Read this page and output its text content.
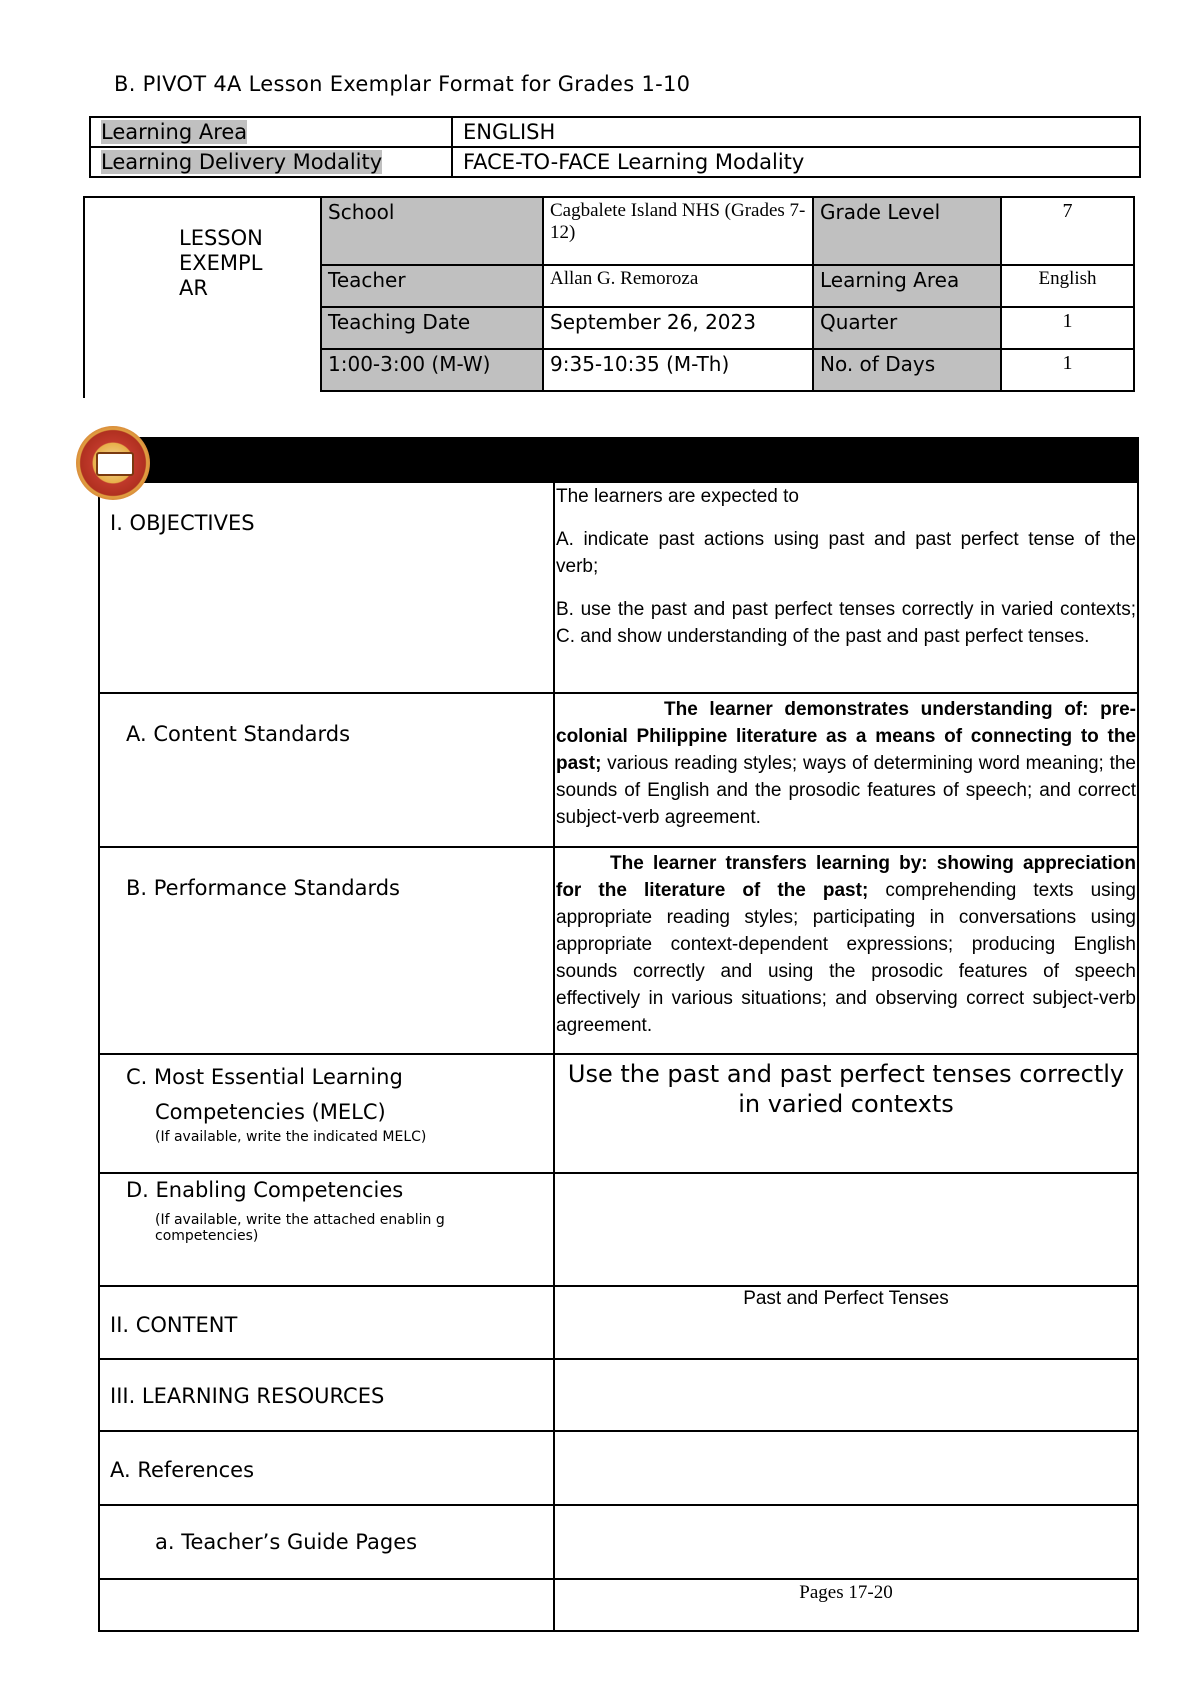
B. PIVOT 4A Lesson Exemplar Format for Grades 1-10
Learning Area	ENGLISH
Learning Delivery Modality	FACE-TO-FACE Learning Modality
LESSON EXEMPL AR
School	Cagbalete Island NHS (Grades 7-12)	Grade Level	7
Teacher	Allan G. Remoroza	Learning Area	English
Teaching Date	September 26, 2023	Quarter	1
1:00-3:00 (M-W)	9:35-10:35 (M-Th)	No. of Days	1

I. OBJECTIVES	The learners are expected to
A. indicate past actions using past and past perfect tense of the verb;
B. use the past and past perfect tenses correctly in varied contexts; C. and show understanding of the past and past perfect tenses.				

A. Content Standards	The learner demonstrates understanding of: pre-colonial Philippine literature as a means of connecting to the past; various reading styles; ways of determining word meaning; the sounds of English and the prosodic features of speech; and correct subject-verb agreement.				
B. Performance Standards	The learner transfers learning by: showing appreciation for the literature of the past; comprehending texts using appropriate reading styles; participating in conversations using appropriate context-dependent expressions; producing English sounds correctly and using the prosodic features of speech effectively in various situations; and observing correct subject-verb agreement.				

C. Most Essential Learning
Competencies (MELC)
(If available, write the indicated MELC)	Use the past and past perfect tenses correctly in varied contexts				

D. Enabling Competencies
(If available, write the attached enablin g competencies)					

II. CONTENT	Past and Perfect Tenses				
III. LEARNING RESOURCES					
A. References					
a. Teacher’s Guide Pages					
	Pages 17-20				
